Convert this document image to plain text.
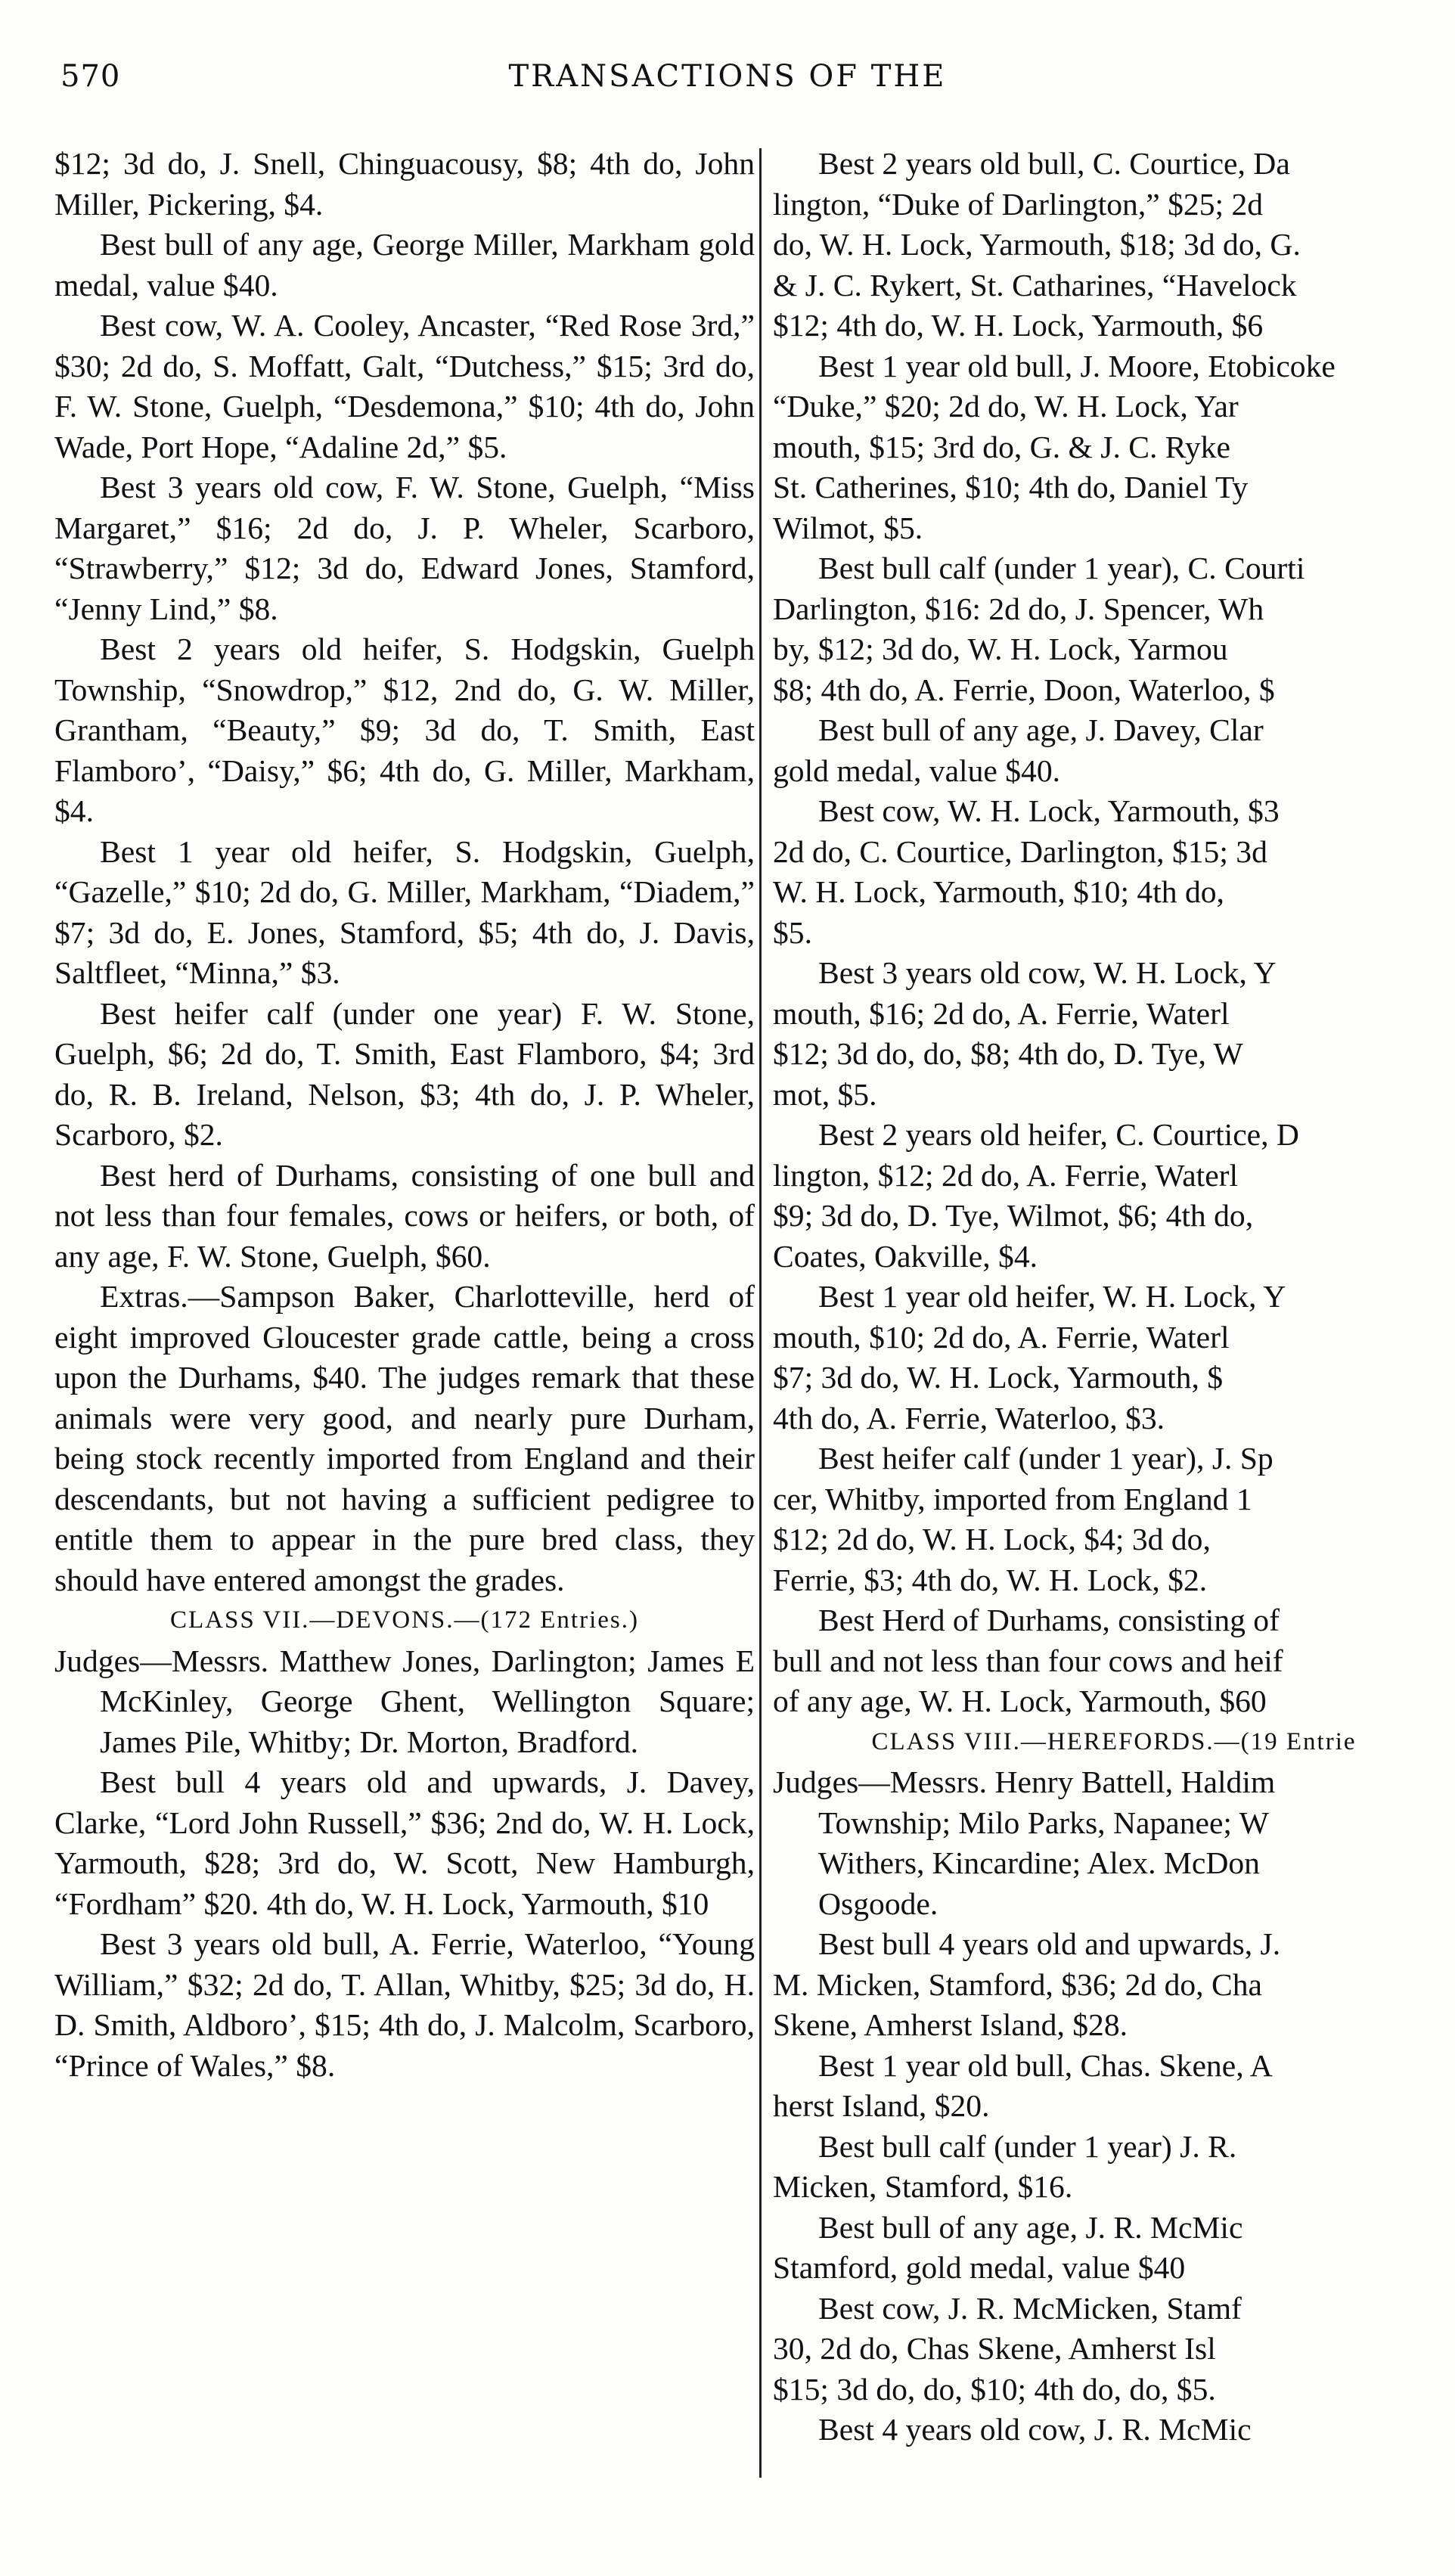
570	TRANSACTIONS OF THE

$12; 3d do, J. Snell, Chinguacousy, $8; 4th do, John Miller, Pickering, $4.

Best bull of any age, George Miller, Markham gold medal, value $40.

Best cow, W. A. Cooley, Ancaster, “Red Rose 3rd,” $30; 2d do, S. Moffatt, Galt, “Dutchess,” $15; 3rd do, F. W. Stone, Guelph, “Desdemona,” $10; 4th do, John Wade, Port Hope, “Adaline 2d,” $5.

Best 3 years old cow, F. W. Stone, Guelph, “Miss Margaret,” $16; 2d do, J. P. Wheler, Scarboro, “Strawberry,” $12; 3d do, Edward Jones, Stamford, “Jenny Lind,” $8.

Best 2 years old heifer, S. Hodgskin, Guelph Township, “Snowdrop,” $12, 2nd do, G. W. Miller, Grantham, “Beauty,” $9; 3d do, T. Smith, East Flamboro’, “Daisy,” $6; 4th do, G. Miller, Markham, $4.

Best 1 year old heifer, S. Hodgskin, Guelph, “Gazelle,” $10; 2d do, G. Miller, Markham, “Diadem,” $7; 3d do, E. Jones, Stamford, $5; 4th do, J. Davis, Saltfleet, “Minna,” $3.

Best heifer calf (under one year) F. W. Stone, Guelph, $6; 2d do, T. Smith, East Flamboro, $4; 3rd do, R. B. Ireland, Nelson, $3; 4th do, J. P. Wheler, Scarboro, $2.

Best herd of Durhams, consisting of one bull and not less than four females, cows or heifers, or both, of any age, F. W. Stone, Guelph, $60.

Extras.—Sampson Baker, Charlotteville, herd of eight improved Gloucester grade cattle, being a cross upon the Durhams, $40. The judges remark that these animals were very good, and nearly pure Durham, being stock recently imported from England and their descendants, but not having a sufficient pedigree to entitle them to appear in the pure bred class, they should have entered amongst the grades.

CLASS VII.—DEVONS.—(172 Entries.)

Judges—Messrs. Matthew Jones, Darlington; James E McKinley, George Ghent, Wellington Square; James Pile, Whitby; Dr. Morton, Bradford.

Best bull 4 years old and upwards, J. Davey, Clarke, “Lord John Russell,” $36; 2nd do, W. H. Lock, Yarmouth, $28; 3rd do, W. Scott, New Hamburgh, “Fordham” $20. 4th do, W. H. Lock, Yarmouth, $10

Best 3 years old bull, A. Ferrie, Waterloo, “Young William,” $32; 2d do, T. Allan, Whitby, $25; 3d do, H. D. Smith, Aldboro’, $15; 4th do, J. Malcolm, Scarboro, “Prince of Wales,” $8.

Best 2 years old bull, C. Courtice, Da

lington, “Duke of Darlington,” $25; 2d

do, W. H. Lock, Yarmouth, $18; 3d do, G.

& J. C. Rykert, St. Catharines, “Havelock

$12; 4th do, W. H. Lock, Yarmouth, $6

Best 1 year old bull, J. Moore, Etobicoke

“Duke,” $20; 2d do, W. H. Lock, Yar

mouth, $15; 3rd do, G. & J. C. Ryke

St. Catherines, $10; 4th do, Daniel Ty

Wilmot, $5.

Best bull calf (under 1 year), C. Courti

Darlington, $16: 2d do, J. Spencer, Wh

by, $12; 3d do, W. H. Lock, Yarmou

$8; 4th do, A. Ferrie, Doon, Waterloo, $

Best bull of any age, J. Davey, Clar

gold medal, value $40.

Best cow, W. H. Lock, Yarmouth, $3

2d do, C. Courtice, Darlington, $15; 3d

W. H. Lock, Yarmouth, $10; 4th do,

$5.

Best 3 years old cow, W. H. Lock, Y

mouth, $16; 2d do, A. Ferrie, Waterl

$12; 3d do, do, $8; 4th do, D. Tye, W

mot, $5.

Best 2 years old heifer, C. Courtice, D

lington, $12; 2d do, A. Ferrie, Waterl

$9; 3d do, D. Tye, Wilmot, $6; 4th do,

Coates, Oakville, $4.

Best 1 year old heifer, W. H. Lock, Y

mouth, $10; 2d do, A. Ferrie, Waterl

$7; 3d do, W. H. Lock, Yarmouth, $

4th do, A. Ferrie, Waterloo, $3.

Best heifer calf (under 1 year), J. Sp

cer, Whitby, imported from England 1

$12; 2d do, W. H. Lock, $4; 3d do,

Ferrie, $3; 4th do, W. H. Lock, $2.

Best Herd of Durhams, consisting of

bull and not less than four cows and heif

of any age, W. H. Lock, Yarmouth, $60

CLASS VIII.—HEREFORDS.—(19 Entrie

Judges—Messrs. Henry Battell, Haldim

Township; Milo Parks, Napanee; W

Withers, Kincardine; Alex. McDon

Osgoode.

Best bull 4 years old and upwards, J.

M. Micken, Stamford, $36; 2d do, Cha

Skene, Amherst Island, $28.

Best 1 year old bull, Chas. Skene, A

herst Island, $20.

Best bull calf (under 1 year) J. R.

Micken, Stamford, $16.

Best bull of any age, J. R. McMic

Stamford, gold medal, value $40

Best cow, J. R. McMicken, Stamf

30, 2d do, Chas Skene, Amherst Isl

$15; 3d do, do, $10; 4th do, do, $5.

Best 4 years old cow, J. R. McMic
